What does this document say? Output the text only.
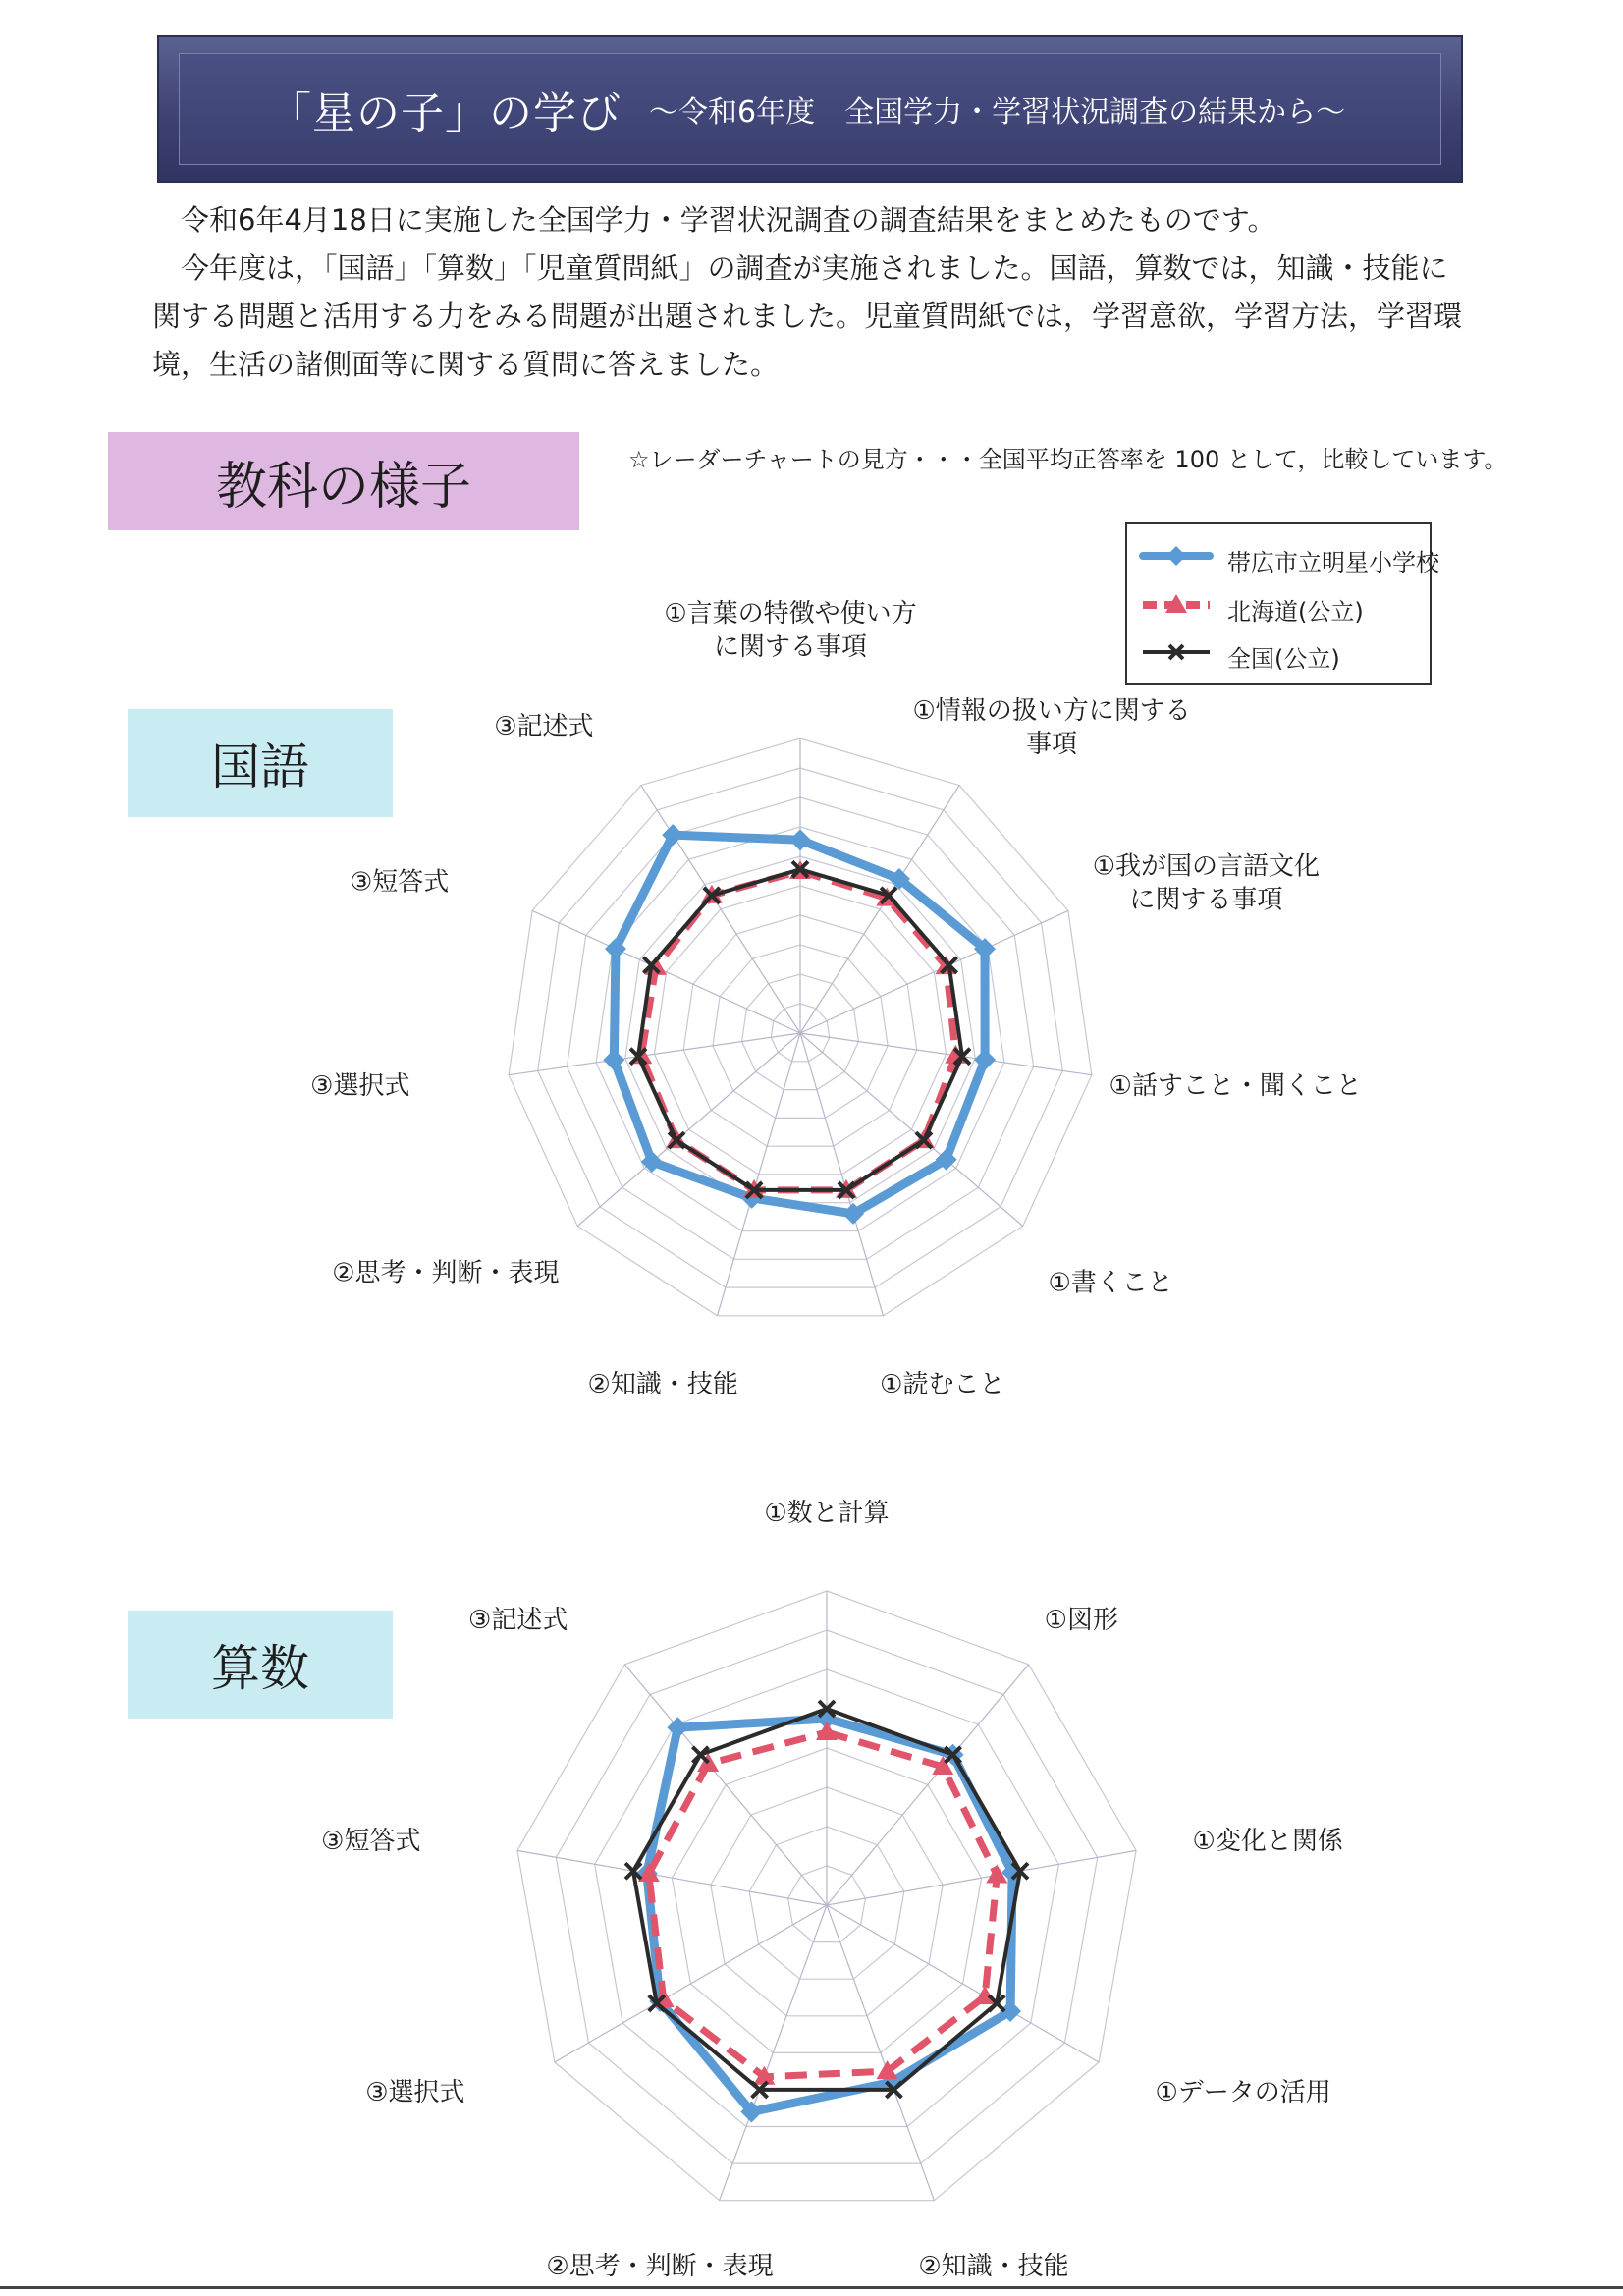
「星の子」の学び ～令和6年度　全国学力・学習状況調査の結果から～

令和6年4月18日に実施した全国学力・学習状況調査の調査結果をまとめたものです。

今年度は，「国語」「算数」「児童質問紙」の調査が実施されました。国語，算数では，知識・技能に関する問題と活用する力をみる問題が出題されました。児童質問紙では，学習意欲，学習方法，学習環境，生活の諸側面等に関する質問に答えました。

教科の様子	☆レーダーチャートの見方・・・全国平均正答率を 100 として，比較しています。
帯広市立明星小学校
北海道(公立)
全国(公立)
国語
算数
①言葉の特徴や使い方に関する事項
①情報の扱い方に関する事項
①我が国の言語文化に関する事項
①話すこと・聞くこと
①書くこと
①読むこと
②知識・技能
②思考・判断・表現
③選択式
③短答式
③記述式
①数と計算
①図形
①変化と関係
①データの活用
②知識・技能
②思考・判断・表現
③選択式
③短答式
③記述式
